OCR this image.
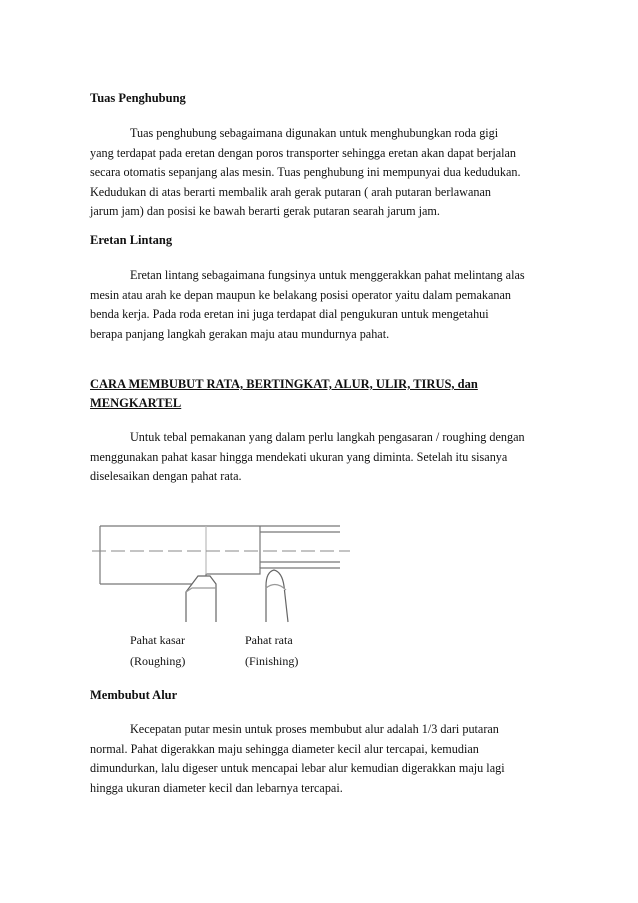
Tuas Penghubung

Tuas penghubung sebagaimana digunakan untuk menghubungkan roda gigi
yang terdapat pada eretan dengan poros transporter sehingga eretan akan dapat berjalan
secara otomatis sepanjang alas mesin. Tuas penghubung ini mempunyai dua kedudukan.
Kedudukan di atas berarti membalik arah gerak putaran ( arah putaran berlawanan
jarum jam) dan posisi ke bawah berarti gerak putaran searah jarum jam.

Eretan Lintang

Eretan lintang sebagaimana fungsinya untuk menggerakkan pahat melintang alas
mesin atau arah ke depan maupun ke belakang posisi operator yaitu dalam pemakanan
benda kerja. Pada roda eretan ini juga terdapat dial pengukuran untuk mengetahui
berapa panjang langkah gerakan maju atau mundurnya pahat.

CARA MEMBUBUT RATA, BERTINGKAT, ALUR, ULIR, TIRUS, dan
MENGKARTEL

Untuk tebal pemakanan yang dalam perlu langkah pengasaran / roughing dengan
menggunakan pahat kasar hingga mendekati ukuran yang diminta. Setelah itu sisanya
diselesaikan dengan pahat rata.

Pahat kasar
(Roughing)
Pahat rata
(Finishing)
Membubut Alur

Kecepatan putar mesin untuk proses membubut alur adalah 1/3 dari putaran
normal. Pahat digerakkan maju sehingga diameter kecil alur tercapai, kemudian
dimundurkan, lalu digeser untuk mencapai lebar alur kemudian digerakkan maju lagi
hingga ukuran diameter kecil dan lebarnya tercapai.
